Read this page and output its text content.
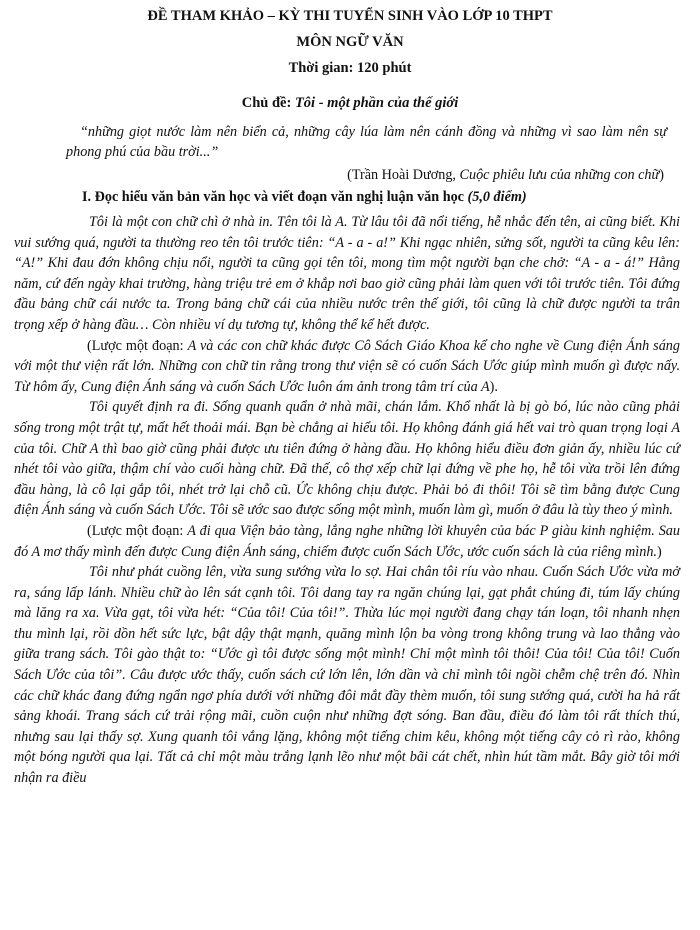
ĐỀ THAM KHẢO – KỲ THI TUYỂN SINH VÀO LỚP 10 THPT
MÔN NGỮ VĂN
Thời gian: 120 phút
Chủ đề: Tôi - một phần của thế giới
“những giọt nước làm nên biển cả, những cây lúa làm nên cánh đồng và những vì sao làm nên sự phong phú của bầu trời...”
(Trần Hoài Dương, Cuộc phiêu lưu của những con chữ)
I. Đọc hiểu văn bản văn học và viết đoạn văn nghị luận văn học (5,0 điểm)

Tôi là một con chữ chì ở nhà in. Tên tôi là A. Từ lâu tôi đã nổi tiếng, hễ nhắc đến tên, ai cũng biết. Khi vui sướng quá, người ta thường reo tên tôi trước tiên: “A - a - a!” Khi ngạc nhiên, sửng sốt, người ta cũng kêu lên: “A!” Khi đau đớn không chịu nổi, người ta cũng gọi tên tôi, mong tìm một người bạn che chở: “A - a - á!” Hằng năm, cứ đến ngày khai trường, hàng triệu trẻ em ở khắp nơi bao giờ cũng phải làm quen với tôi trước tiên. Tôi đứng đầu bảng chữ cái nước ta. Trong bảng chữ cái của nhiều nước trên thế giới, tôi cũng là chữ được người ta trân trọng xếp ở hàng đầu… Còn nhiều ví dụ tương tự, không thể kể hết được.

(Lược một đoạn: A và các con chữ khác được Cô Sách Giáo Khoa kể cho nghe về Cung điện Ánh sáng với một thư viện rất lớn. Những con chữ tin rằng trong thư viện sẽ có cuốn Sách Ước giúp mình muốn gì được nấy. Từ hôm ấy, Cung điện Ánh sáng và cuốn Sách Ước luôn ám ảnh trong tâm trí của A).

Tôi quyết định ra đi. Sống quanh quẩn ở nhà mãi, chán lắm. Khổ nhất là bị gò bó, lúc nào cũng phải sống trong một trật tự, mất hết thoải mái. Bạn bè chẳng ai hiểu tôi. Họ không đánh giá hết vai trò quan trọng loại A của tôi. Chữ A thì bao giờ cũng phải được ưu tiên đứng ở hàng đầu. Họ không hiểu điều đơn giản ấy, nhiều lúc cứ nhét tôi vào giữa, thậm chí vào cuối hàng chữ. Đã thế, cô thợ xếp chữ lại đứng về phe họ, hễ tôi vừa trồi lên đứng đầu hàng, là cô lại gắp tôi, nhét trở lại chỗ cũ. Ức không chịu được. Phải bỏ đi thôi! Tôi sẽ tìm bằng được Cung điện Ánh sáng và cuốn Sách Ước. Tôi sẽ ước sao được sống một mình, muốn làm gì, muốn ở đâu là tùy theo ý mình.

(Lược một đoạn: A đi qua Viện bảo tàng, lắng nghe những lời khuyên của bác P giàu kinh nghiệm. Sau đó A mơ thấy mình đến được Cung điện Ánh sáng, chiếm được cuốn Sách Ước, ước cuốn sách là của riêng mình.)

Tôi như phát cuồng lên, vừa sung sướng vừa lo sợ. Hai chân tôi ríu vào nhau. Cuốn Sách Ước vừa mở ra, sáng lấp lánh. Nhiều chữ ào lên sát cạnh tôi. Tôi dang tay ra ngăn chúng lại, gạt phắt chúng đi, túm lấy chúng mà lăng ra xa. Vừa gạt, tôi vừa hét: “Của tôi! Của tôi!”. Thừa lúc mọi người đang chạy tán loạn, tôi nhanh nhẹn thu mình lại, rồi dồn hết sức lực, bật dậy thật mạnh, quăng mình lộn ba vòng trong không trung và lao thẳng vào giữa trang sách. Tôi gào thật to: “Ước gì tôi được sống một mình! Chỉ một mình tôi thôi! Của tôi! Của tôi! Cuốn Sách Ước của tôi”. Câu được ước thấy, cuốn sách cứ lớn lên, lớn dần và chỉ mình tôi ngồi chễm chệ trên đó. Nhìn các chữ khác đang đứng ngẩn ngơ phía dưới với những đôi mắt đầy thèm muốn, tôi sung sướng quá, cười ha hả rất sảng khoái. Trang sách cứ trải rộng mãi, cuồn cuộn như những đợt sóng. Ban đầu, điều đó làm tôi rất thích thú, nhưng sau lại thấy sợ. Xung quanh tôi vắng lặng, không một tiếng chim kêu, không một tiếng cây cỏ rì rào, không một bóng người qua lại. Tất cả chỉ một màu trắng lạnh lẽo như một bãi cát chết, nhìn hút tầm mắt. Bây giờ tôi mới nhận ra điều
